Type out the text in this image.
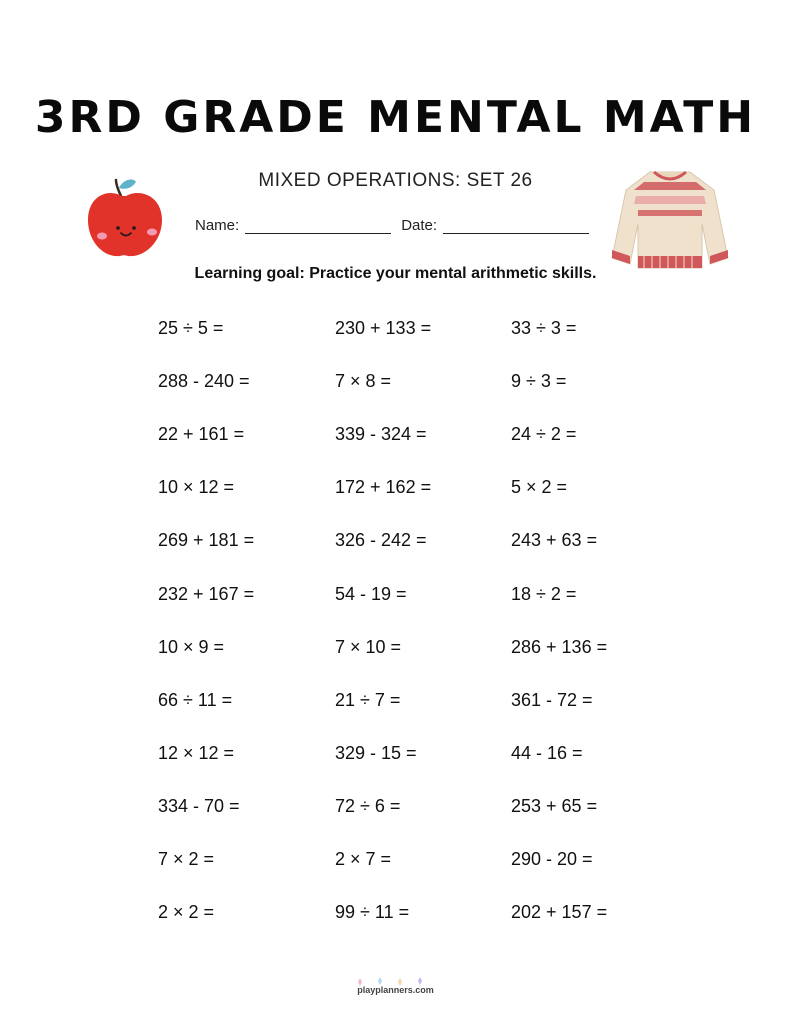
3RD GRADE MENTAL MATH
MIXED OPERATIONS: SET 26
Name:	Date:
Learning goal: Practice your mental arithmetic skills.
25 ÷ 5 =	230 + 133 =	33 ÷ 3 =
288 - 240 =	7 × 8 =	9 ÷ 3 =
22 + 161 =	339 - 324 =	24 ÷ 2 =
10 × 12 =	172 + 162 =	5 × 2 =
269 + 181 =	326 - 242 =	243 + 63 =
232 + 167 =	54 - 19 =	18 ÷ 2 =
10 × 9 =	7 × 10 =	286 + 136 =
66 ÷ 11 =	21 ÷ 7 =	361 - 72 =
12 × 12 =	329 - 15 =	44 - 16 =
334 - 70 =	72 ÷ 6 =	253 + 65 =
7 × 2 =	2 × 7 =	290 - 20 =
2 × 2 =	99 ÷ 11 =	202 + 157 =
playplanners.com
